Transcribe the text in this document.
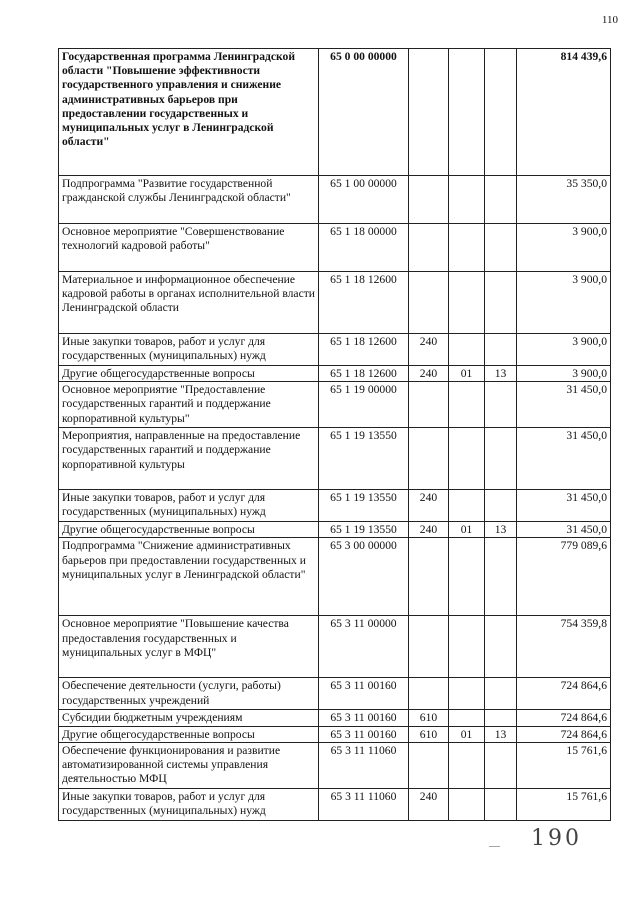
110
Государственная программа Ленинградской области "Повышение эффективности государственного управления и снижение административных барьеров при предоставлении государственных и муниципальных услуг в Ленинградской области"	65 0 00 00000				814 439,6
Подпрограмма "Развитие государственной гражданской службы Ленинградской области"	65 1 00 00000				35 350,0
Основное мероприятие "Совершенствование технологий кадровой работы"	65 1 18 00000				3 900,0
Материальное и информационное обеспечение кадровой работы в органах исполнительной власти Ленинградской области	65 1 18 12600				3 900,0
Иные закупки товаров, работ и услуг для государственных (муниципальных) нужд	65 1 18 12600	240			3 900,0
Другие общегосударственные вопросы	65 1 18 12600	240	01	13	3 900,0
Основное мероприятие "Предоставление государственных гарантий и поддержание корпоративной культуры"	65 1 19 00000				31 450,0
Мероприятия, направленные на предоставление государственных гарантий и поддержание корпоративной культуры	65 1 19 13550				31 450,0
Иные закупки товаров, работ и услуг для государственных (муниципальных) нужд	65 1 19 13550	240			31 450,0
Другие общегосударственные вопросы	65 1 19 13550	240	01	13	31 450,0
Подпрограмма "Снижение административных барьеров при предоставлении государственных и муниципальных услуг в Ленинградской области"	65 3 00 00000				779 089,6
Основное мероприятие "Повышение качества предоставления государственных и муниципальных услуг в МФЦ"	65 3 11 00000				754 359,8
Обеспечение деятельности (услуги, работы) государственных учреждений	65 3 11 00160				724 864,6
Субсидии бюджетным учреждениям	65 3 11 00160	610			724 864,6
Другие общегосударственные вопросы	65 3 11 00160	610	01	13	724 864,6
Обеспечение функционирования и развитие автоматизированной системы управления деятельностью МФЦ	65 3 11 11060				15 761,6
Иные закупки товаров, работ и услуг для государственных (муниципальных) нужд	65 3 11 11060	240			15 761,6
— 190
